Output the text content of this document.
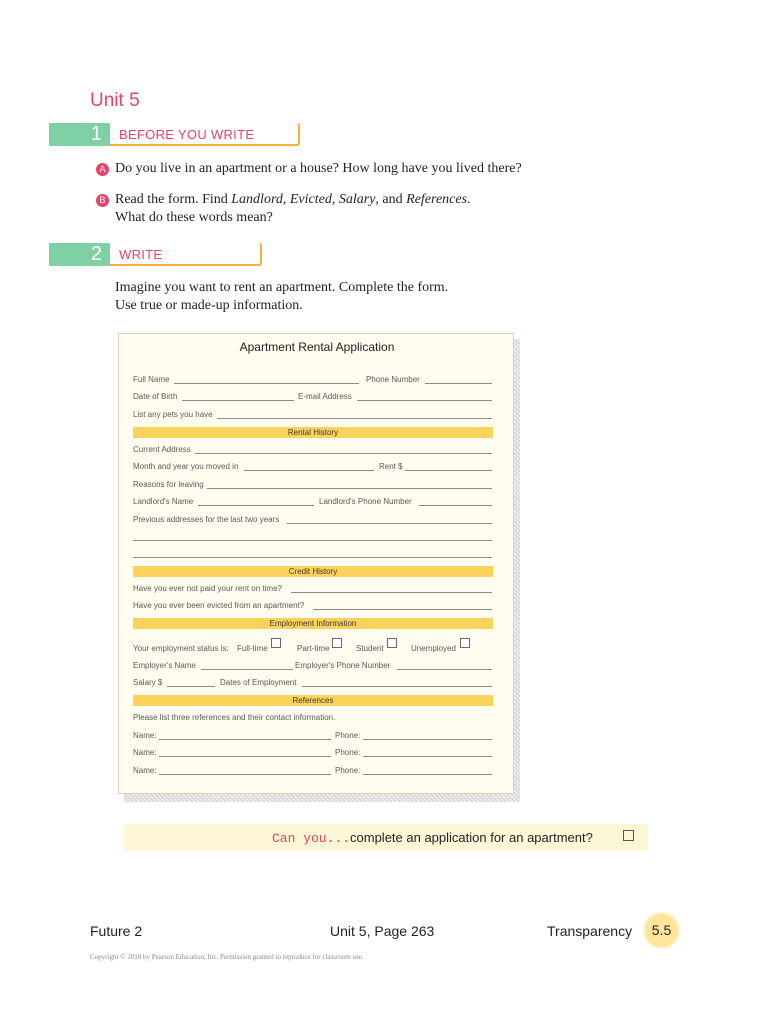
Unit 5
1	BEFORE YOU WRITE
A Do you live in an apartment or a house? How long have you lived there?
B Read the form. Find Landlord, Evicted, Salary, and References.
What do these words mean?
2	WRITE
Imagine you want to rent an apartment. Complete the form.
Use true or made-up information.
Apartment Rental Application
Full Name	Phone Number
Date of Birth	E-mail Address
List any pets you have
Rental History
Current Address
Month and year you moved in	Rent $
Reasons for leaving
Landlord's Name	Landlord's Phone Number
Previous addresses for the last two years
Credit History
Have you ever not paid your rent on time?
Have you ever been evicted from an apartment?
Employment Information
Your employment status is: Full-time	Part-time	Student	Unemployed
Employer's Name	Employer's Phone Number
Salary $	Dates of Employment
References
Please list three references and their contact information.
Name:	Phone:
Name:	Phone:
Name:	Phone:
Can you...complete an application for an apartment?
Future 2	Unit 5, Page 263	Transparency	5.5
Copyright © 2010 by Pearson Education, Inc. Permission granted to reproduce for classroom use.
